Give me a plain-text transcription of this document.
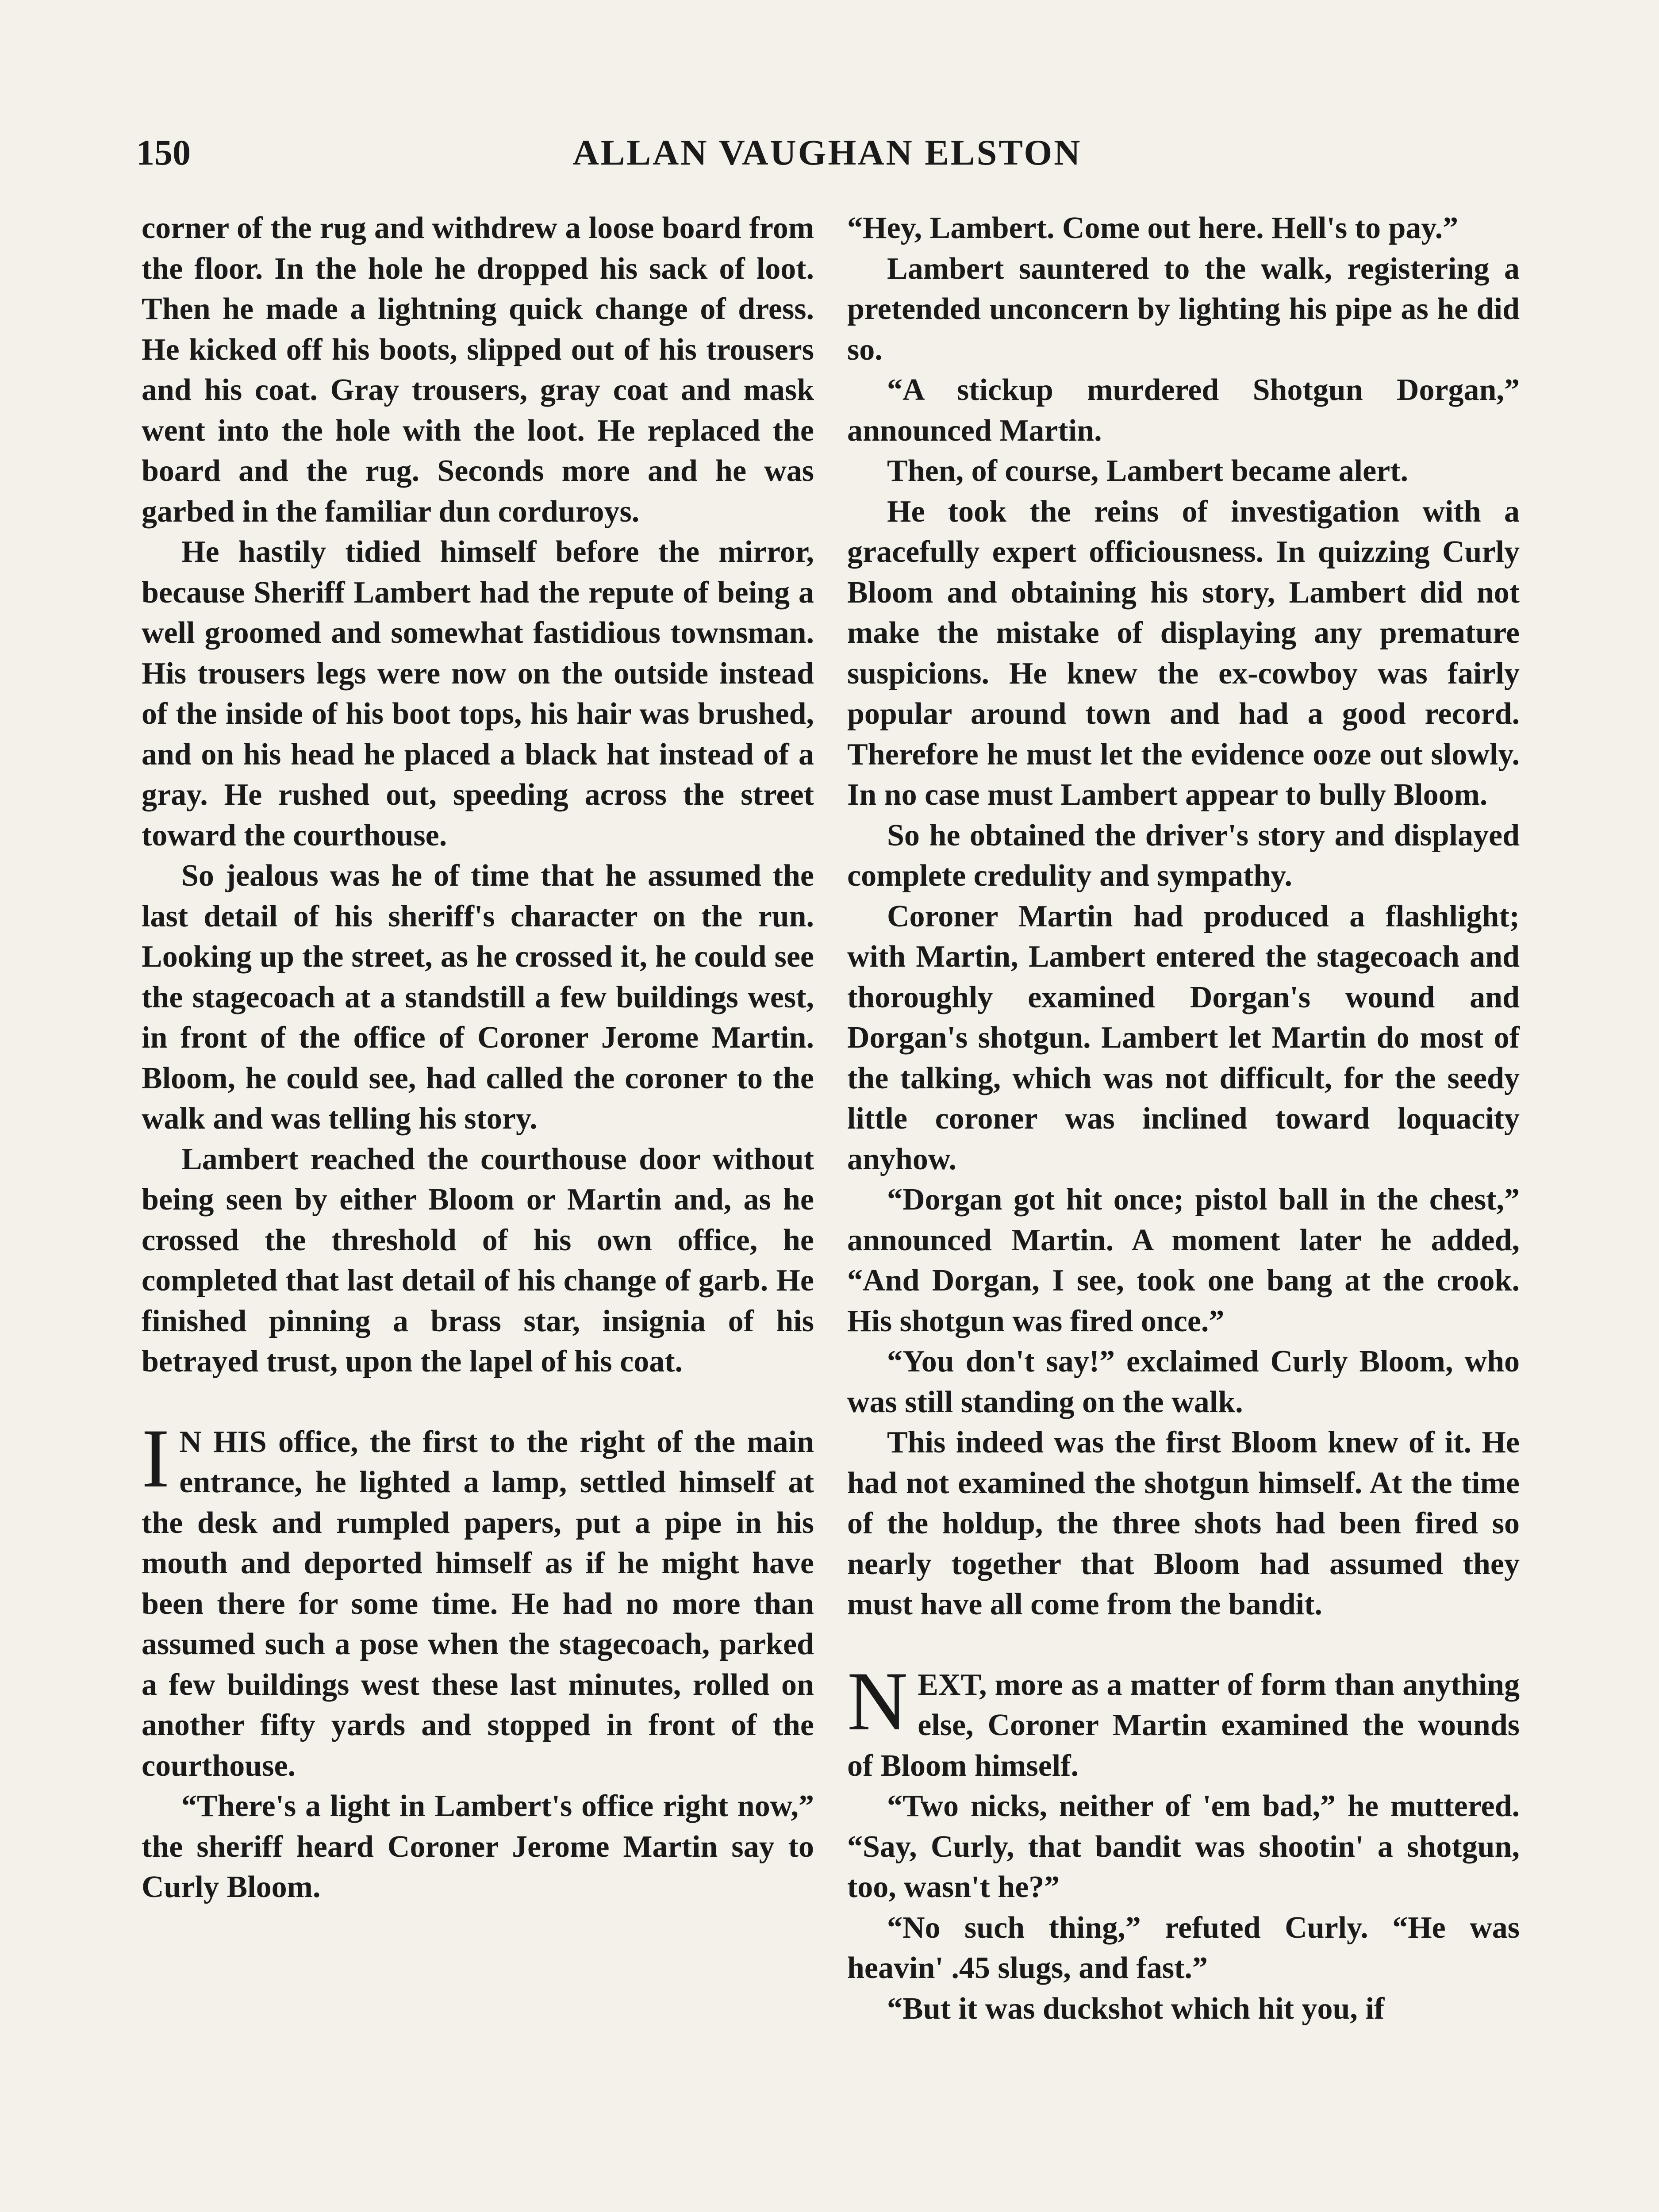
150	ALLAN VAUGHAN ELSTON

corner of the rug and withdrew a loose board from the floor. In the hole he dropped his sack of loot. Then he made a lightning quick change of dress. He kicked off his boots, slipped out of his trousers and his coat. Gray trousers, gray coat and mask went into the hole with the loot. He replaced the board and the rug. Seconds more and he was garbed in the familiar dun corduroys.

He hastily tidied himself before the mirror, because Sheriff Lambert had the repute of being a well groomed and somewhat fastidious townsman. His trousers legs were now on the outside instead of the inside of his boot tops, his hair was brushed, and on his head he placed a black hat instead of a gray. He rushed out, speeding across the street toward the courthouse.

So jealous was he of time that he assumed the last detail of his sheriff's character on the run. Looking up the street, as he crossed it, he could see the stagecoach at a standstill a few buildings west, in front of the office of Coroner Jerome Martin. Bloom, he could see, had called the coroner to the walk and was telling his story.

Lambert reached the courthouse door without being seen by either Bloom or Martin and, as he crossed the threshold of his own office, he completed that last detail of his change of garb. He finished pinning a brass star, insignia of his betrayed trust, upon the lapel of his coat.

I N HIS office, the first to the right of the main entrance, he lighted a lamp, settled himself at the desk and rumpled papers, put a pipe in his mouth and deported himself as if he might have been there for some time. He had no more than assumed such a pose when the stagecoach, parked a few buildings west these last minutes, rolled on another fifty yards and stopped in front of the courthouse.

“There's a light in Lambert's office right now,” the sheriff heard Coroner Jerome Martin say to Curly Bloom.

“Hey, Lambert. Come out here. Hell's to pay.”

Lambert sauntered to the walk, registering a pretended unconcern by lighting his pipe as he did so.

“A stickup murdered Shotgun Dorgan,” announced Martin.

Then, of course, Lambert became alert.

He took the reins of investigation with a gracefully expert officiousness. In quizzing Curly Bloom and obtaining his story, Lambert did not make the mistake of displaying any premature suspicions. He knew the ex-cowboy was fairly popular around town and had a good record. Therefore he must let the evidence ooze out slowly. In no case must Lambert appear to bully Bloom.

So he obtained the driver's story and displayed complete credulity and sympathy.

Coroner Martin had produced a flashlight; with Martin, Lambert entered the stagecoach and thoroughly examined Dorgan's wound and Dorgan's shotgun. Lambert let Martin do most of the talking, which was not difficult, for the seedy little coroner was inclined toward loquacity anyhow.

“Dorgan got hit once; pistol ball in the chest,” announced Martin. A moment later he added, “And Dorgan, I see, took one bang at the crook. His shotgun was fired once.”

“You don't say!” exclaimed Curly Bloom, who was still standing on the walk.

This indeed was the first Bloom knew of it. He had not examined the shotgun himself. At the time of the holdup, the three shots had been fired so nearly together that Bloom had assumed they must have all come from the bandit.

NEXT, more as a matter of form than anything else, Coroner Martin examined the wounds of Bloom himself.

“Two nicks, neither of 'em bad,” he muttered. “Say, Curly, that bandit was shootin' a shotgun, too, wasn't he?”

“No such thing,” refuted Curly. “He was heavin' .45 slugs, and fast.”

“But it was duckshot which hit you, if
